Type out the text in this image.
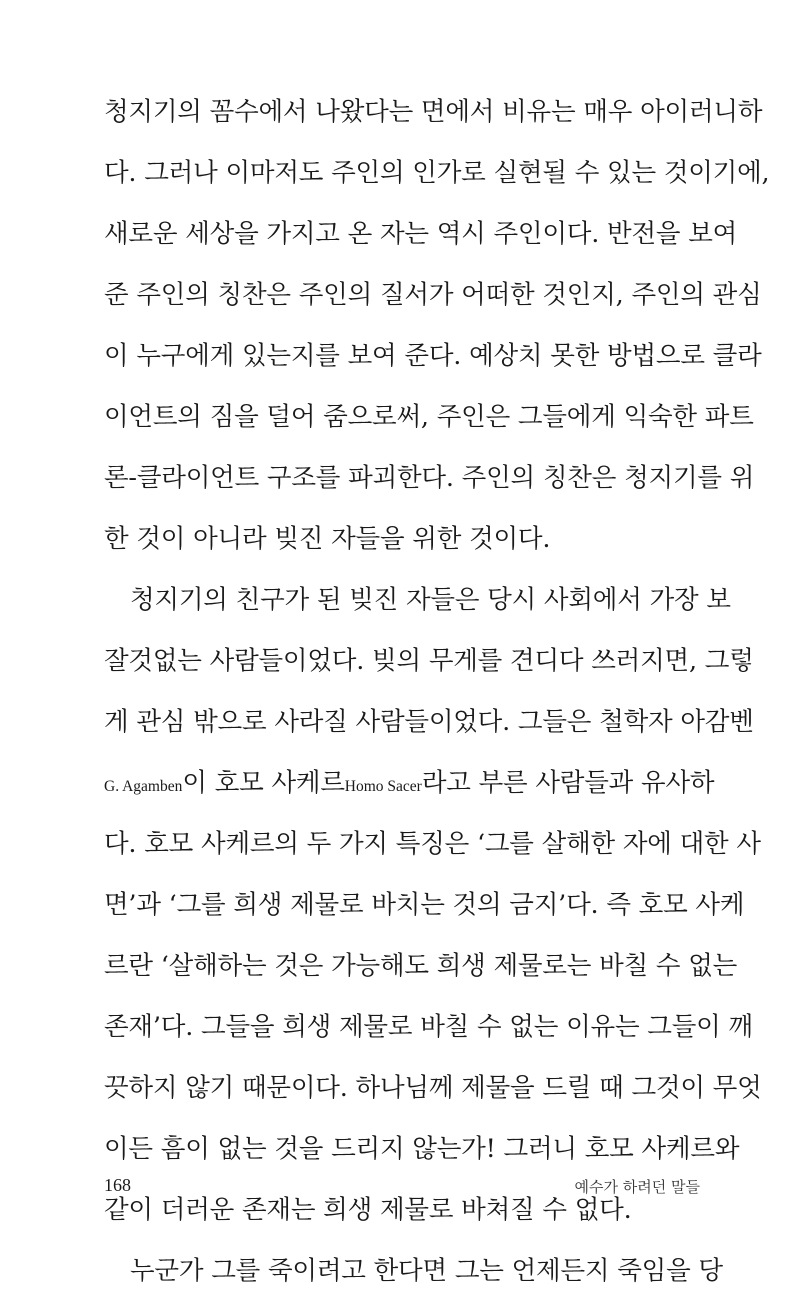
청지기의 꼼수에서 나왔다는 면에서 비유는 매우 아이러니하
다. 그러나 이마저도 주인의 인가로 실현될 수 있는 것이기에,
새로운 세상을 가지고 온 자는 역시 주인이다. 반전을 보여
준 주인의 칭찬은 주인의 질서가 어떠한 것인지, 주인의 관심
이 누구에게 있는지를 보여 준다. 예상치 못한 방법으로 클라
이언트의 짐을 덜어 줌으로써, 주인은 그들에게 익숙한 파트
론-클라이언트 구조를 파괴한다. 주인의 칭찬은 청지기를 위
한 것이 아니라 빚진 자들을 위한 것이다.
청지기의 친구가 된 빚진 자들은 당시 사회에서 가장 보
잘것없는 사람들이었다. 빚의 무게를 견디다 쓰러지면, 그렇
게 관심 밖으로 사라질 사람들이었다. 그들은 철학자 아감벤
G. Agamben이 호모 사케르Homo Sacer라고 부른 사람들과 유사하
다. 호모 사케르의 두 가지 특징은 ‘그를 살해한 자에 대한 사
면’과 ‘그를 희생 제물로 바치는 것의 금지’다. 즉 호모 사케
르란 ‘살해하는 것은 가능해도 희생 제물로는 바칠 수 없는
존재’다. 그들을 희생 제물로 바칠 수 없는 이유는 그들이 깨
끗하지 않기 때문이다. 하나님께 제물을 드릴 때 그것이 무엇
이든 흠이 없는 것을 드리지 않는가! 그러니 호모 사케르와
같이 더러운 존재는 희생 제물로 바쳐질 수 없다.
누군가 그를 죽이려고 한다면 그는 언제든지 죽임을 당
168	예수가 하려던 말들
